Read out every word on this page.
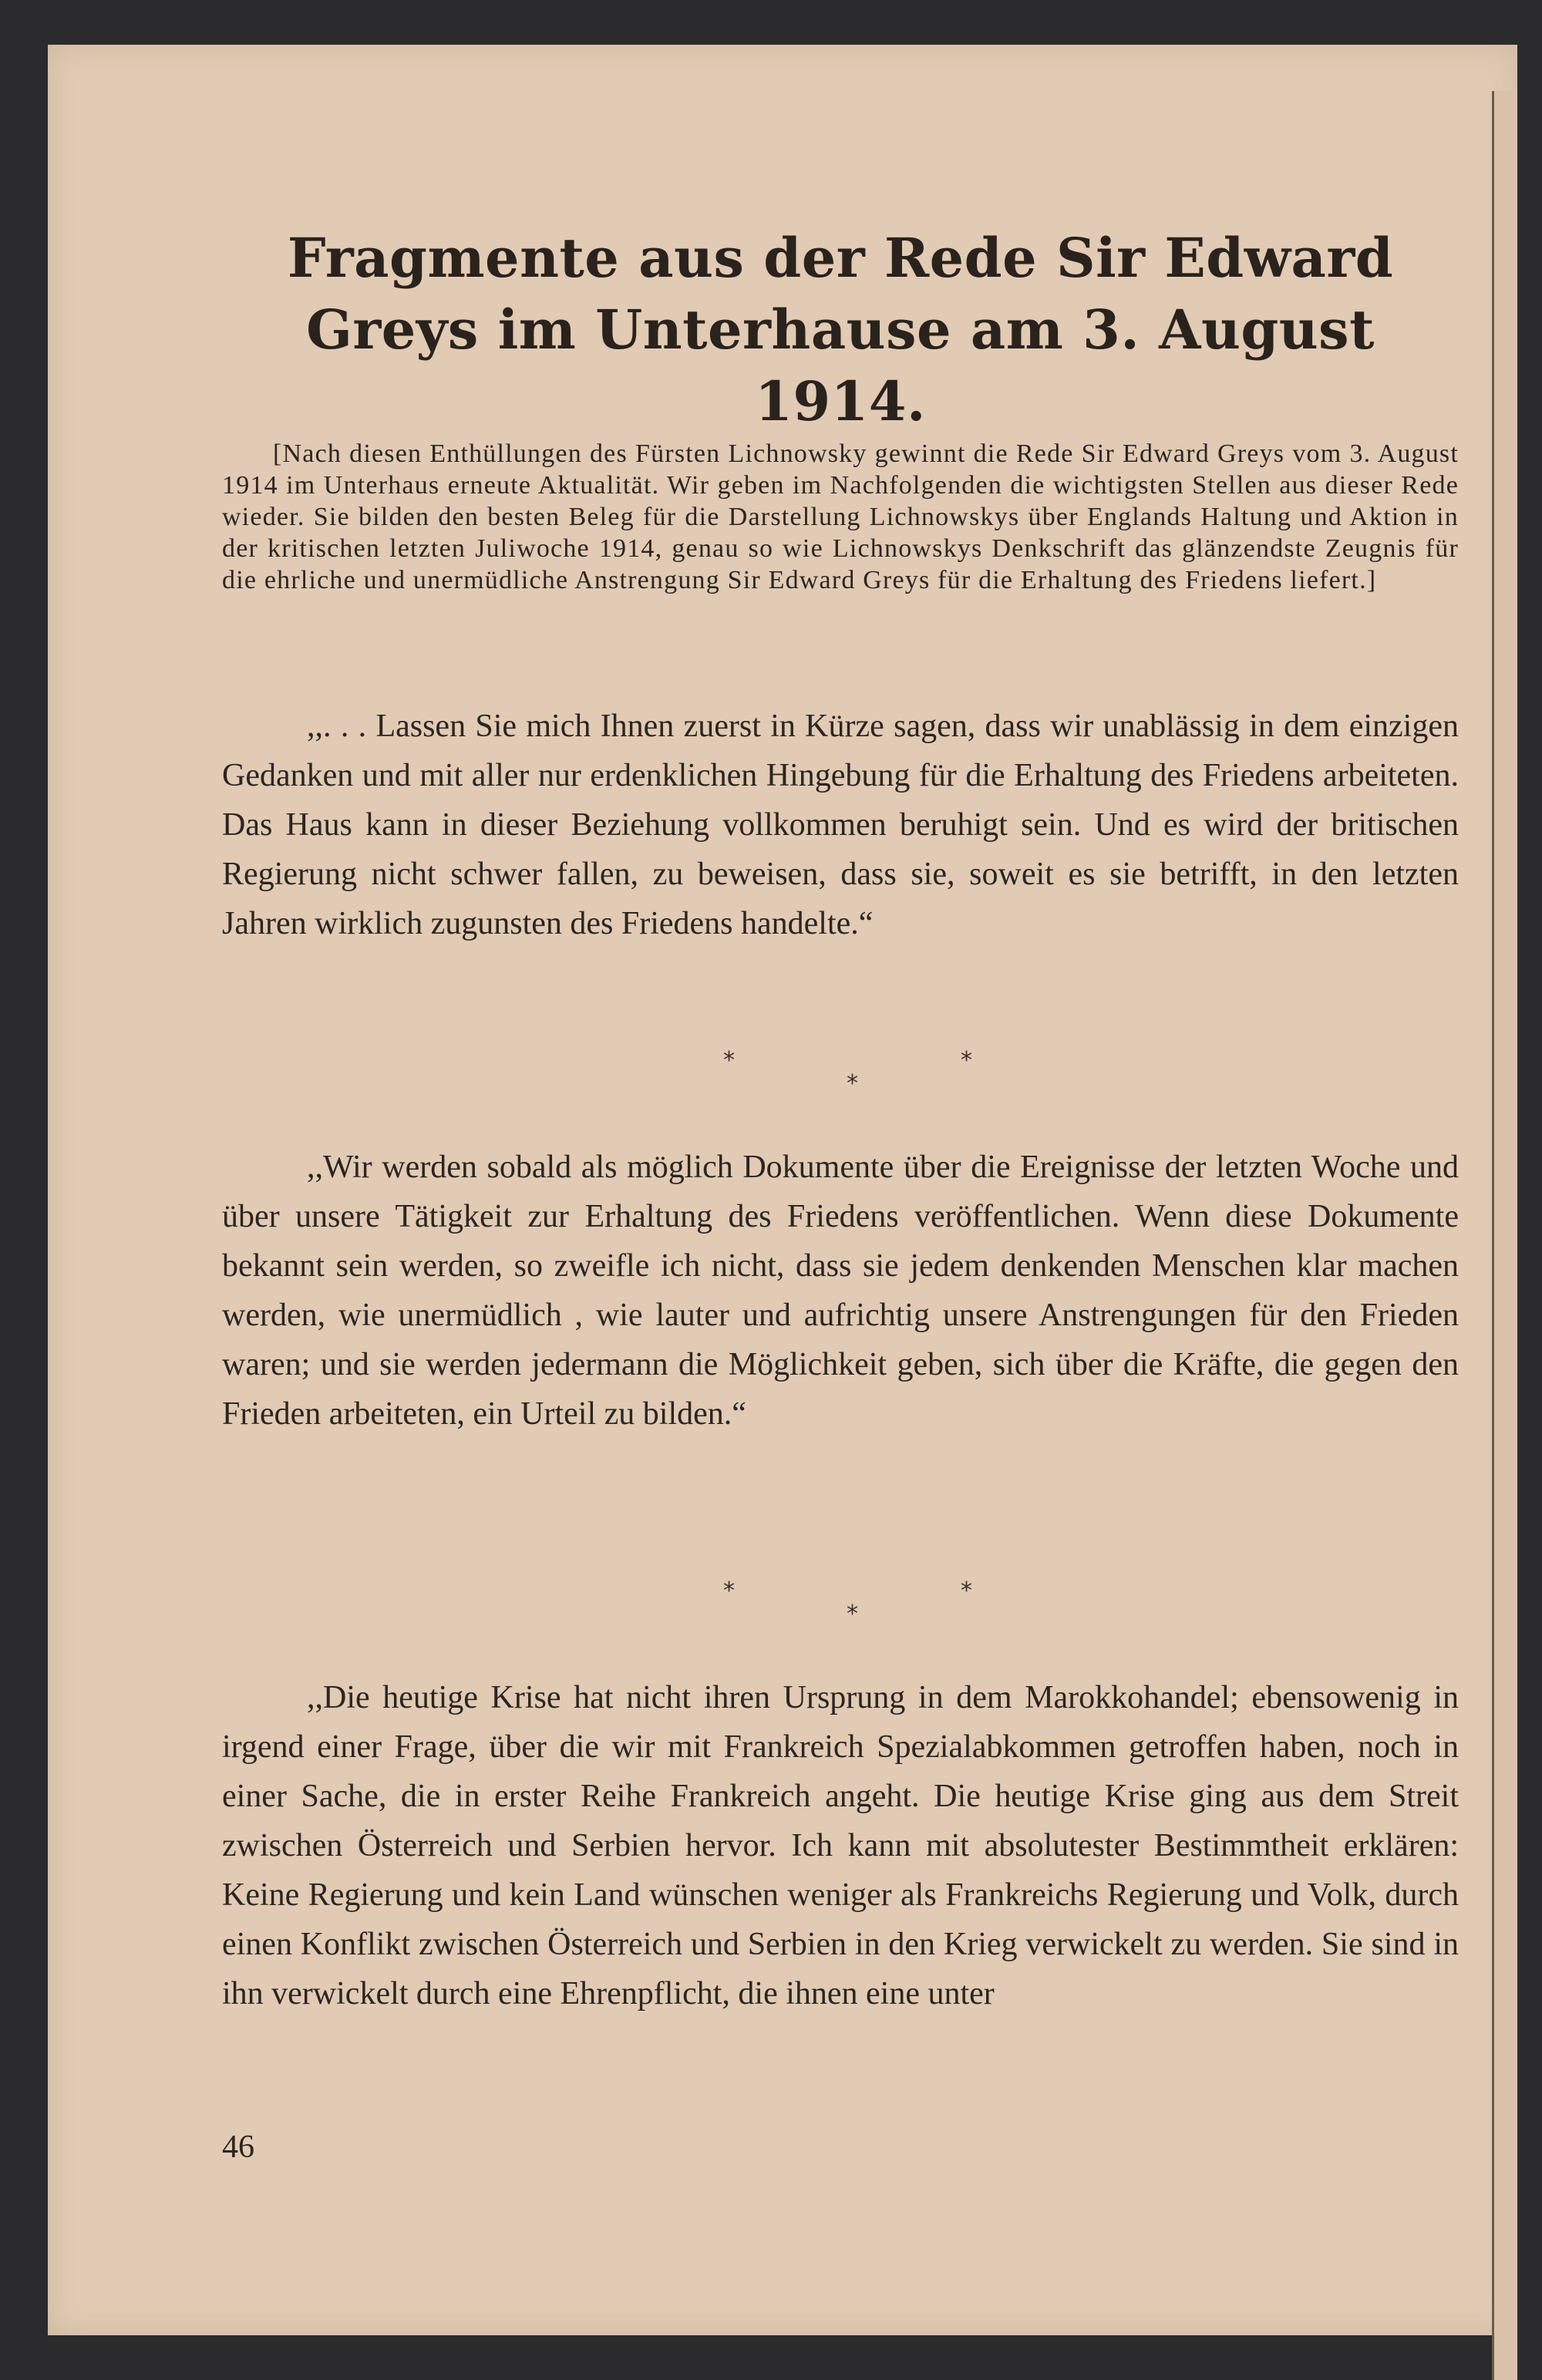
Fragmente aus der Rede Sir Edward Greys im Unterhause am 3. August 1914.
[Nach diesen Enthüllungen des Fürsten Lichnowsky gewinnt die Rede Sir Edward Greys vom 3. August 1914 im Unterhaus erneute Aktualität. Wir geben im Nachfolgenden die wichtigsten Stellen aus dieser Rede wieder. Sie bilden den besten Beleg für die Darstellung Lichnowskys über Englands Haltung und Aktion in der kritischen letzten Juliwoche 1914, genau so wie Lichnowskys Denkschrift das glänzendste Zeugnis für die ehrliche und unermüdliche Anstrengung Sir Edward Greys für die Erhaltung des Friedens liefert.]

,,. . . Lassen Sie mich Ihnen zuerst in Kürze sagen, dass wir unablässig in dem einzigen Gedanken und mit aller nur erdenklichen Hingebung für die Erhaltung des Friedens arbeiteten. Das Haus kann in dieser Beziehung vollkommen beruhigt sein. Und es wird der britischen Regierung nicht schwer fallen, zu beweisen, dass sie, soweit es sie betrifft, in den letzten Jahren wirklich zugunsten des Friedens handelte.“

*
*
*

,,Wir werden sobald als möglich Dokumente über die Ereignisse der letzten Woche und über unsere Tätigkeit zur Erhaltung des Friedens veröffentlichen. Wenn diese Dokumente bekannt sein werden, so zweifle ich nicht, dass sie jedem denkenden Menschen klar machen werden, wie unermüdlich , wie lauter und aufrichtig unsere Anstrengungen für den Frieden waren; und sie werden jedermann die Möglichkeit geben, sich über die Kräfte, die gegen den Frieden arbeiteten, ein Urteil zu bilden.“

*
*
*

,,Die heutige Krise hat nicht ihren Ursprung in dem Marokkohandel; ebensowenig in irgend einer Frage, über die wir mit Frankreich Spezialabkommen getroffen haben, noch in einer Sache, die in erster Reihe Frankreich angeht. Die heutige Krise ging aus dem Streit zwischen Österreich und Serbien hervor. Ich kann mit absolutester Bestimmtheit erklären: Keine Regierung und kein Land wünschen weniger als Frankreichs Regierung und Volk, durch einen Konflikt zwischen Österreich und Serbien in den Krieg verwickelt zu werden. Sie sind in ihn verwickelt durch eine Ehrenpflicht, die ihnen eine unter

46
